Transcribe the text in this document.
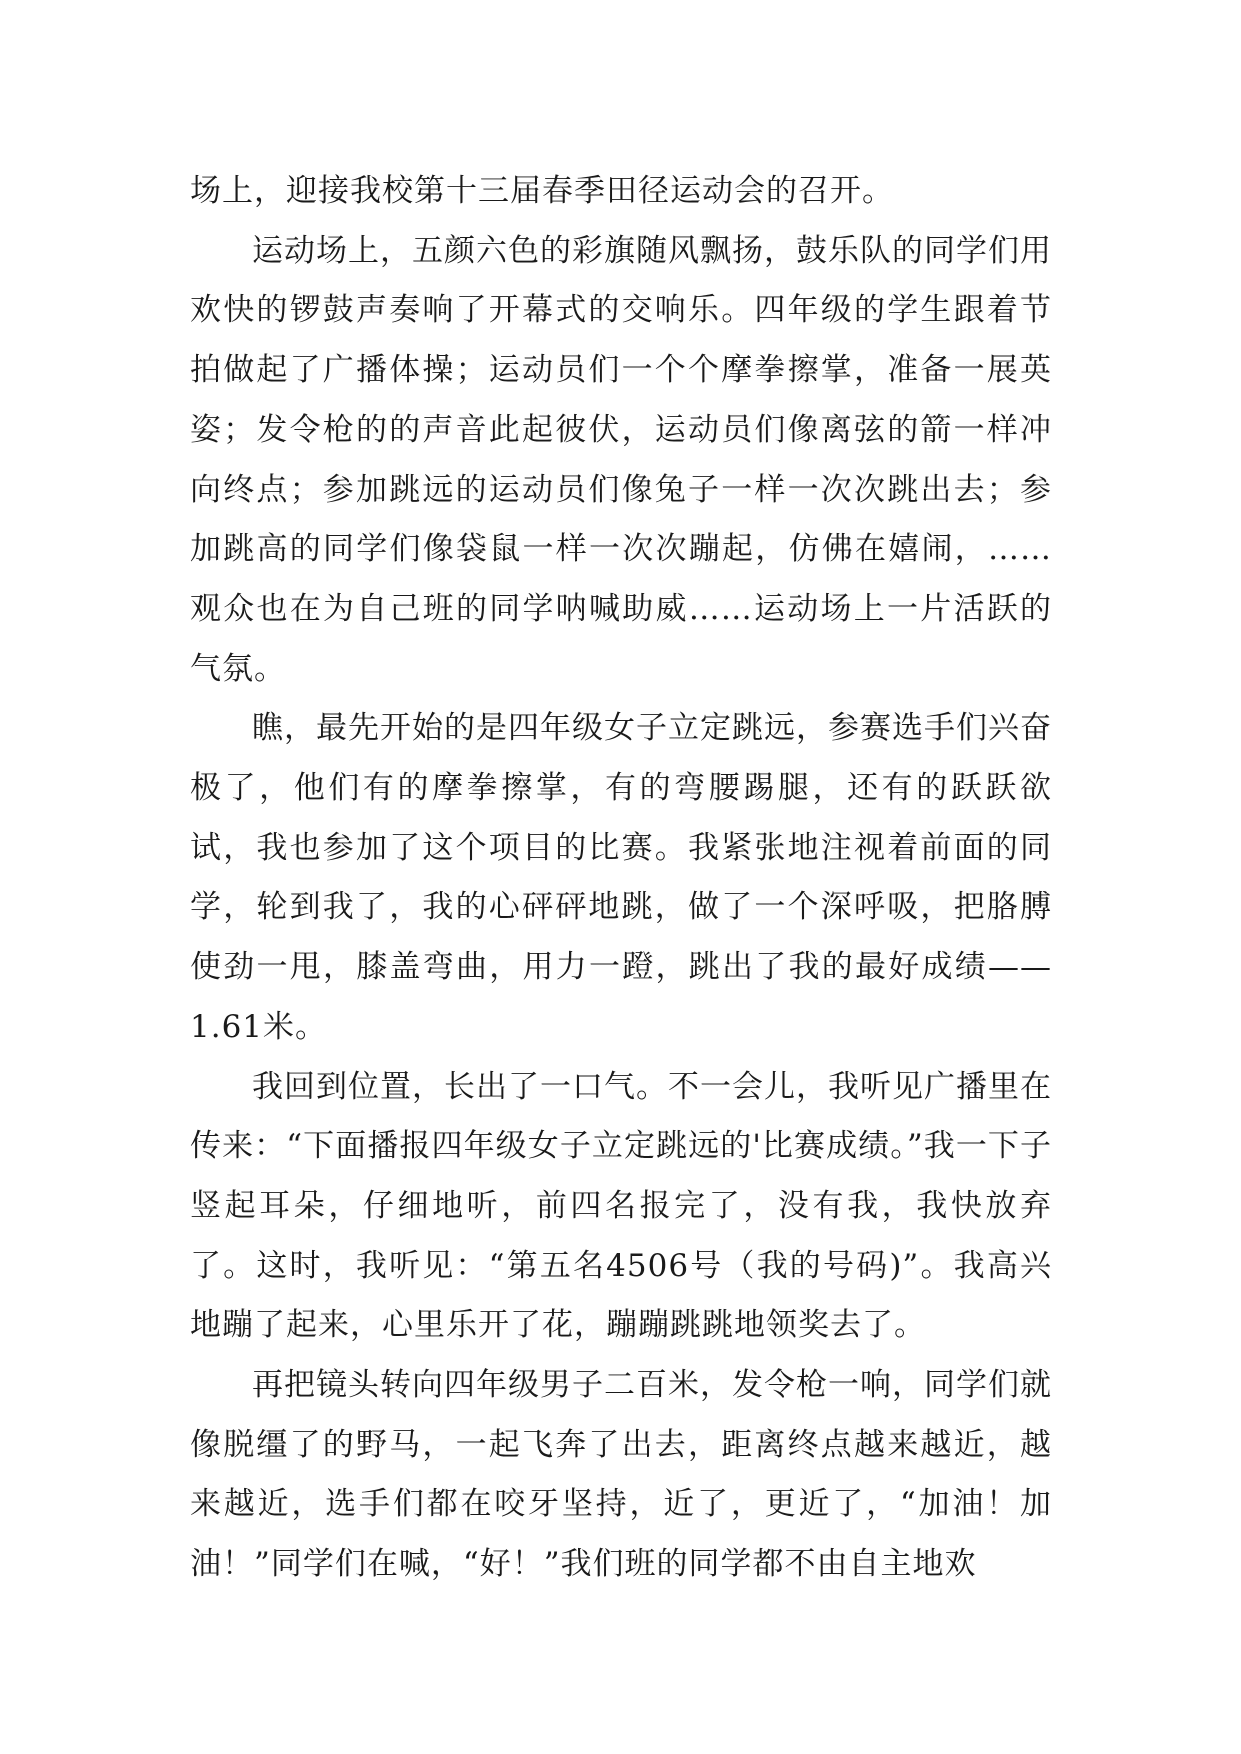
场上，迎接我校第十三届春季田径运动会的召开。

运动场上，五颜六色的彩旗随风飘扬，鼓乐队的同学们用欢快的锣鼓声奏响了开幕式的交响乐。四年级的学生跟着节拍做起了广播体操；运动员们一个个摩拳擦掌，准备一展英姿；发令枪的的声音此起彼伏，运动员们像离弦的箭一样冲向终点；参加跳远的运动员们像兔子一样一次次跳出去；参加跳高的同学们像袋鼠一样一次次蹦起，仿佛在嬉闹，……观众也在为自己班的同学呐喊助威……运动场上一片活跃的气氛。

瞧，最先开始的是四年级女子立定跳远，参赛选手们兴奋极了，他们有的摩拳擦掌，有的弯腰踢腿，还有的跃跃欲试，我也参加了这个项目的比赛。我紧张地注视着前面的同学，轮到我了，我的心砰砰地跳，做了一个深呼吸，把胳膊使劲一甩，膝盖弯曲，用力一蹬，跳出了我的最好成绩——1.61米。

我回到位置，长出了一口气。不一会儿，我听见广播里在传来：“下面播报四年级女子立定跳远的'比赛成绩。”我一下子竖起耳朵，仔细地听，前四名报完了，没有我，我快放弃了。这时，我听见：“第五名4506号（我的号码)”。我高兴地蹦了起来，心里乐开了花，蹦蹦跳跳地领奖去了。

再把镜头转向四年级男子二百米，发令枪一响，同学们就像脱缰了的野马，一起飞奔了出去，距离终点越来越近，越来越近，选手们都在咬牙坚持，近了，更近了，“加油！加油！”同学们在喊，“好！”我们班的同学都不由自主地欢
